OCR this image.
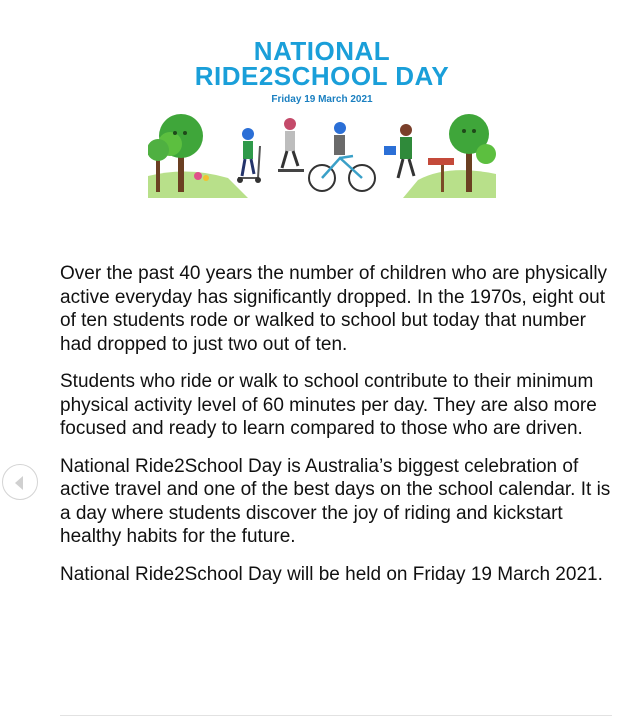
NATIONAL
RIDE2SCHOOL DAY
Friday 19 March 2021

Over the past 40 years the number of children who are physically active everyday has significantly dropped. In the 1970s, eight out of ten students rode or walked to school but today that number had dropped to just two out of ten.

Students who ride or walk to school contribute to their minimum physical activity level of 60 minutes per day. They are also more focused and ready to learn compared to those who are driven.

National Ride2School Day is Australia’s biggest celebration of active travel and one of the best days on the school calendar. It is a day where students discover the joy of riding and kickstart healthy habits for the future.

National Ride2School Day will be held on Friday 19 March 2021.
